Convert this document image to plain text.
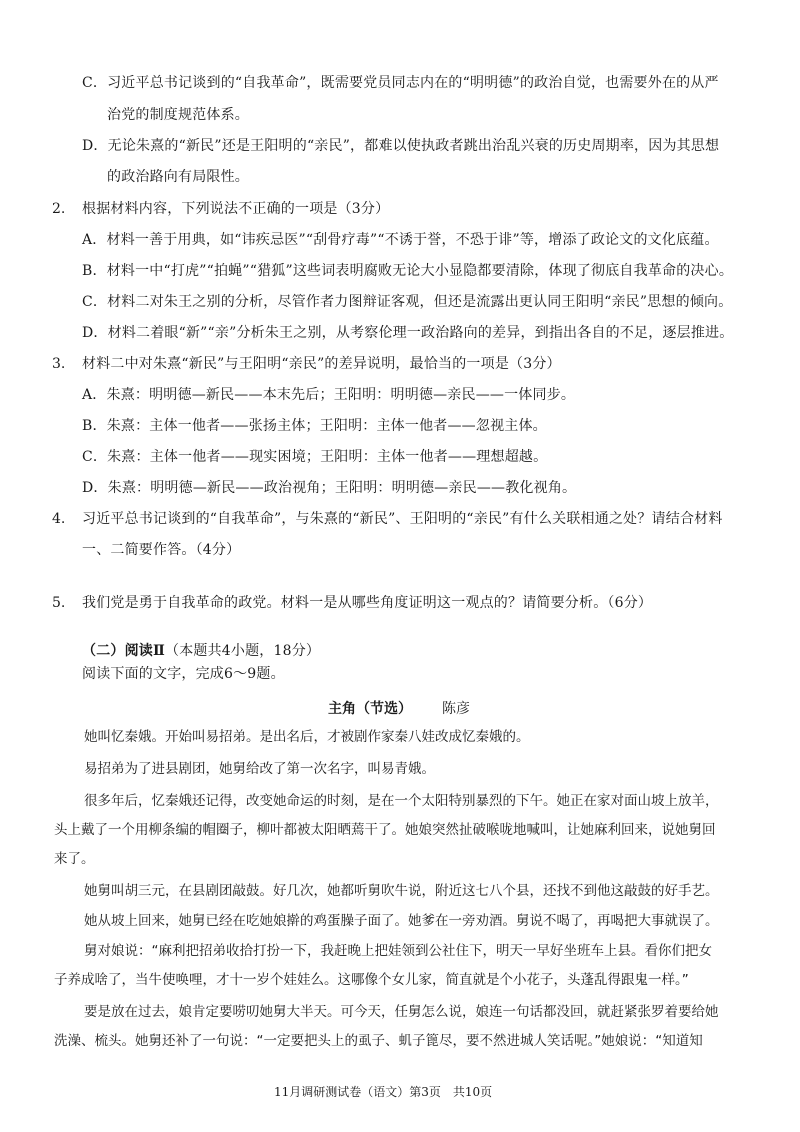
C．习近平总书记谈到的“自我革命”，既需要党员同志内在的“明明德”的政治自觉，也需要外在的从严
治党的制度规范体系。
D．无论朱熹的“新民”还是王阳明的“亲民”，都难以使执政者跳出治乱兴衰的历史周期率，因为其思想
的政治路向有局限性。
2. 根据材料内容，下列说法不正确的一项是（3分）
A．材料一善于用典，如“讳疾忌医”“刮骨疗毒”“不诱于誉，不恐于诽”等，增添了政论文的文化底蕴。
B．材料一中“打虎”“拍蝇”“猎狐”这些词表明腐败无论大小显隐都要清除，体现了彻底自我革命的决心。
C．材料二对朱王之别的分析，尽管作者力图辩证客观，但还是流露出更认同王阳明“亲民”思想的倾向。
D．材料二着眼“新”“亲”分析朱王之别，从考察伦理一政治路向的差异，到指出各自的不足，逐层推进。
3. 材料二中对朱熹“新民”与王阳明“亲民”的差异说明，最恰当的一项是（3分）
A．朱熹：明明德—新民——本末先后；王阳明：明明德—亲民——一体同步。
B．朱熹：主体一他者——张扬主体；王阳明：主体一他者——忽视主体。
C．朱熹：主体一他者——现实困境；王阳明：主体一他者——理想超越。
D．朱熹：明明德—新民——政治视角；王阳明：明明德—亲民——教化视角。
4. 习近平总书记谈到的“自我革命”，与朱熹的“新民”、王阳明的“亲民”有什么关联相通之处？请结合材料
一、二简要作答。（4分）
5. 我们党是勇于自我革命的政党。材料一是从哪些角度证明这一观点的？请简要分析。（6分）
（二）阅读Ⅱ（本题共4小题，18分）
阅读下面的文字，完成6～9题。
主角（节选） 陈彦
她叫忆秦娥。开始叫易招弟。是出名后，才被剧作家秦八娃改成忆秦娥的。
易招弟为了进县剧团，她舅给改了第一次名字，叫易青娥。
很多年后，忆秦娥还记得，改变她命运的时刻，是在一个太阳特别暴烈的下午。她正在家对面山坡上放羊，
头上戴了一个用柳条编的帽圈子，柳叶都被太阳晒蔫干了。她娘突然扯破喉咙地喊叫，让她麻利回来，说她舅回
来了。
她舅叫胡三元，在县剧团敲鼓。好几次，她都听舅吹牛说，附近这七八个县，还找不到他这敲鼓的好手艺。
她从坡上回来，她舅已经在吃她娘擀的鸡蛋臊子面了。她爹在一旁劝酒。舅说不喝了，再喝把大事就误了。
舅对娘说：“麻利把招弟收拾打扮一下，我赶晚上把娃领到公社住下，明天一早好坐班车上县。看你们把女
子养成啥了，当牛使唤哩，才十一岁个娃娃么。这哪像个女儿家，简直就是个小花子，头蓬乱得跟鬼一样。”
要是放在过去，娘肯定要唠叨她舅大半天。可今天，任舅怎么说，娘连一句话都没回，就赶紧张罗着要给她
洗澡、梳头。她舅还补了一句说：“一定要把头上的虱子、虮子篦尽，要不然进城人笑话呢。”她娘说：“知道知
11月调研测试卷（语文）第3页　共10页
